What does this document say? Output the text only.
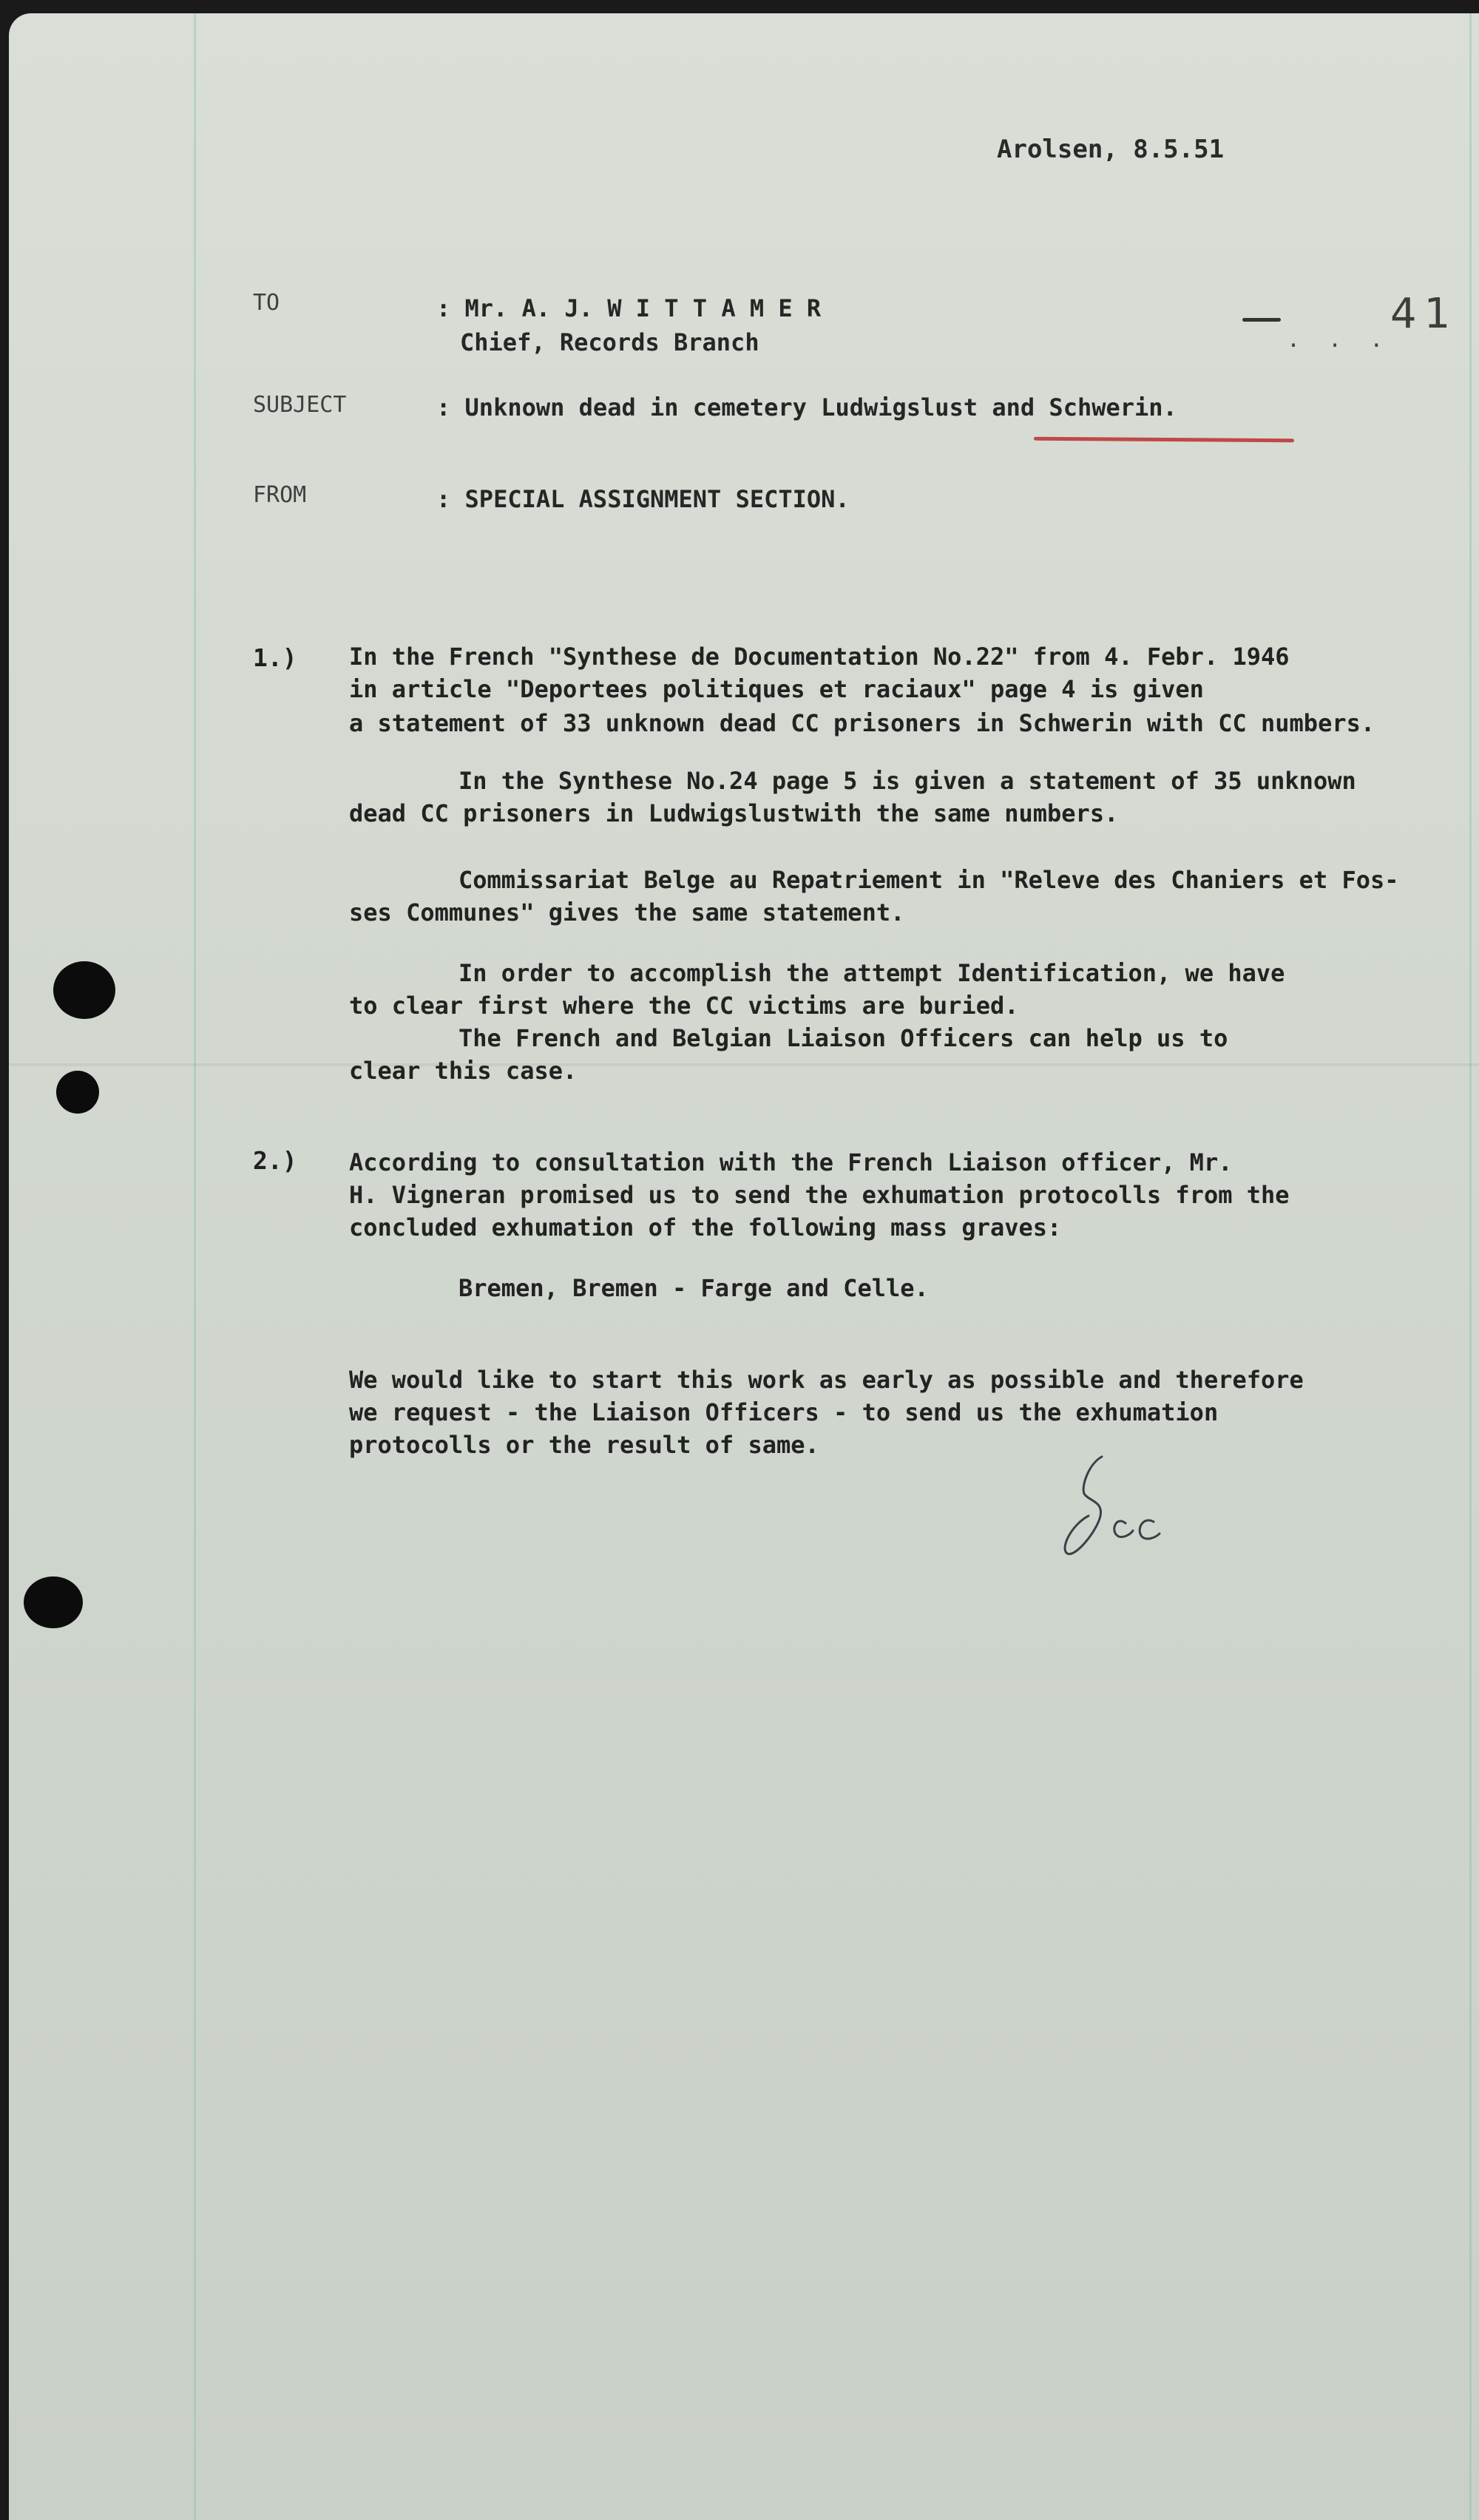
Arolsen, 8.5.51
41
. . .
TO	: Mr. A. J. W I T T A M E R
Chief, Records Branch
SUBJECT	: Unknown dead in cemetery Ludwigslust and Schwerin.
FROM	: SPECIAL ASSIGNMENT SECTION.
1.) In the French "Synthese de Documentation No.22" from 4. Febr. 1946
in article "Deportees politiques et raciaux" page 4 is given
a statement of 33 unknown dead CC prisoners in Schwerin with CC numbers.
In the Synthese No.24 page 5 is given a statement of 35 unknown
dead CC prisoners in Ludwigslustwith the same numbers.
Commissariat Belge au Repatriement in "Releve des Chaniers et Fos-
ses Communes" gives the same statement.
In order to accomplish the attempt Identification, we have
to clear first where the CC victims are buried.
The French and Belgian Liaison Officers can help us to
clear this case.
2.) According to consultation with the French Liaison officer, Mr.
H. Vigneran promised us to send the exhumation protocolls from the
concluded exhumation of the following mass graves:
Bremen, Bremen - Farge and Celle.
We would like to start this work as early as possible and therefore
we request - the Liaison Officers - to send us the exhumation
protocolls or the result of same.
